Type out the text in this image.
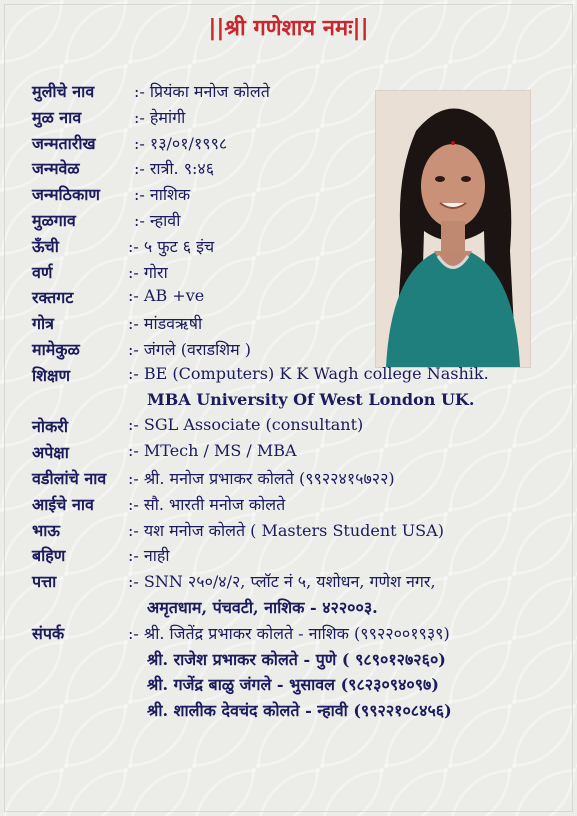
||श्री गणेशाय नमः||
मुलीचे नाव :- प्रियंका मनोज कोलते
मुळ नाव	:- हेमांगी
जन्मतारीख :- १३/०१/१९९८
जन्मवेळ	:- रात्री. ९:४६
जन्मठिकाण :- नाशिक
मुळगाव	:- न्हावी
ऊँची	:- ५ फुट ६ इंच
वर्ण	:- गोरा
रक्तगट	:- AB +ve
गोत्र	:- मांडवऋषी
मामेकुळ	:- जंगले (वराडशिम )
शिक्षण	:- BE (Computers) K K Wagh college Nashik.
MBA University Of West London UK.
नोकरी	:- SGL Associate (consultant)
अपेक्षा	:- MTech / MS / MBA
वडीलांचे नाव :- श्री. मनोज प्रभाकर कोलते (९९२२४१५७२२)
आईचे नाव :- सौ. भारती मनोज कोलते
भाऊ	:- यश मनोज कोलते ( Masters Student USA)
बहिण	:- नाही
पत्ता	:- SNN २५०/४/२, प्लॉट नं ५, यशोधन, गणेश नगर,
अमृतधाम, पंचवटी, नाशिक - ४२२००३.
संपर्क	:- श्री. जितेंद्र प्रभाकर कोलते - नाशिक (९९२२००१९३९)
श्री. राजेश प्रभाकर कोलते - पुणे ( ९८९०१२७२६०)
श्री. गजेंद्र बाळु जंगले - भुसावल (९८२३०९४०९७)
श्री. शालीक देवचंद कोलते - न्हावी (९९२२१०८४५६)
